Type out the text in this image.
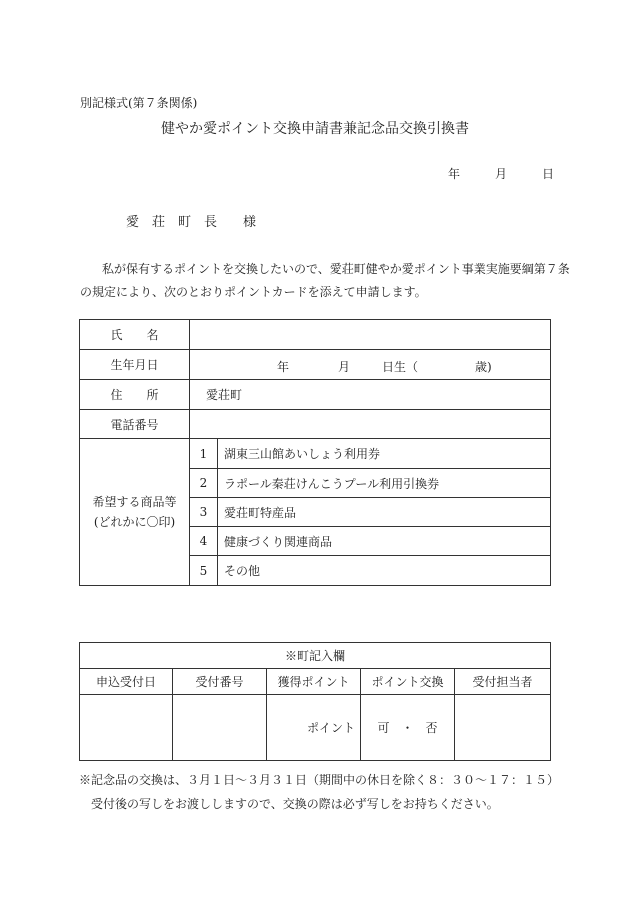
別記様式(第７条関係)
健やか愛ポイント交換申請書兼記念品交換引換書
年	月	日
愛　荘　町　長　　様
私が保有するポイントを交換したいので、愛荘町健やか愛ポイント事業実施要綱第７条
の規定により、次のとおりポイントカードを添えて申請します。
氏　　名		
生年月日	年 月 日生（ 歳)	

住　　所	愛荘町	
電話番号		

希望する商品等
(どれかに〇印)	1	湖東三山館あいしょう利用券
	2	ラポール秦荘けんこうプール利用引換券
	3	愛荘町特産品
	4	健康づくり関連商品
	5	その他
※町記入欄				
申込受付日	受付番号	獲得ポイント	ポイント交換	受付担当者
		ポイント	可　・　否	
※記念品の交換は、３月１日～３月３１日（期間中の休日を除く８：３０～１７：１５）
受付後の写しをお渡ししますので、交換の際は必ず写しをお持ちください。
